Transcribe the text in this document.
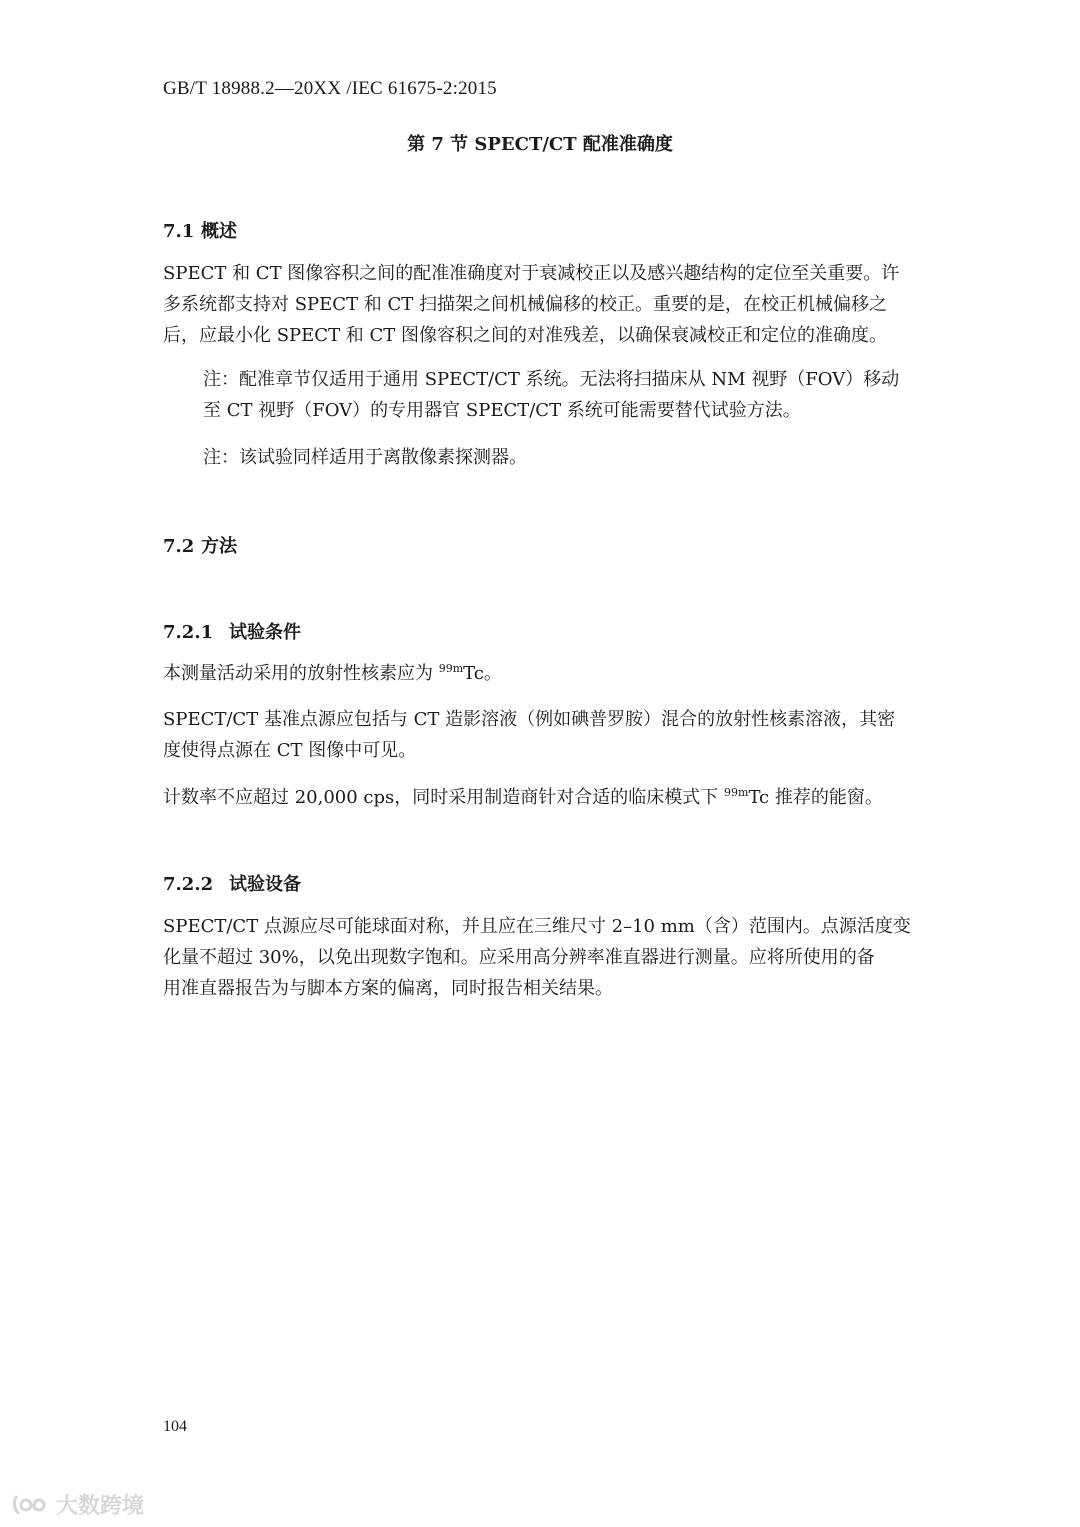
GB/T 18988.2—20XX /IEC 61675-2:2015
第 7 节 SPECT/CT 配准准确度
7.1 概述

SPECT 和 CT 图像容积之间的配准准确度对于衰减校正以及感兴趣结构的定位至关重要。许
多系统都支持对 SPECT 和 CT 扫描架之间机械偏移的校正。重要的是，在校正机械偏移之
后，应最小化 SPECT 和 CT 图像容积之间的对准残差，以确保衰减校正和定位的准确度。

注：配准章节仅适用于通用 SPECT/CT 系统。无法将扫描床从 NM 视野（FOV）移动
至 CT 视野（FOV）的专用器官 SPECT/CT 系统可能需要替代试验方法。

注：该试验同样适用于离散像素探测器。

7.2 方法
7.2.1 试验条件

本测量活动采用的放射性核素应为 $^{99m}$Tc。

SPECT/CT 基准点源应包括与 CT 造影溶液（例如碘普罗胺）混合的放射性核素溶液，其密
度使得点源在 CT 图像中可见。

计数率不应超过 20,000 cps，同时采用制造商针对合适的临床模式下 $^{99m}$Tc 推荐的能窗。

7.2.2 试验设备

SPECT/CT 点源应尽可能球面对称，并且应在三维尺寸 2–10 mm（含）范围内。点源活度变
化量不超过 30%，以免出现数字饱和。应采用高分辨率准直器进行测量。应将所使用的备
用准直器报告为与脚本方案的偏离，同时报告相关结果。

104
大数跨境
